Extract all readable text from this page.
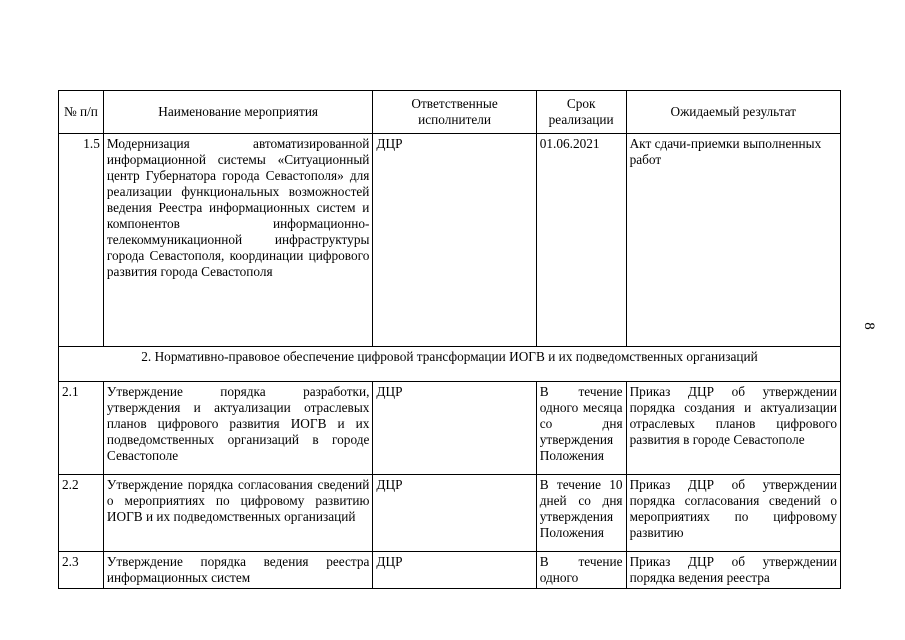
8
№ п/п	Наименование мероприятия	Ответственные исполнители	Срок реализации	Ожидаемый результат
1.5	Модернизация автоматизированной информационной системы «Ситуационный центр Губернатора города Севастополя» для реализации функциональных возможностей ведения Реестра информационных систем и компонентов информационно-телекоммуникационной инфраструктуры города Севастополя, координации цифрового развития города Севастополя	ДЦР	01.06.2021	Акт сдачи-приемки выполненных работ
2. Нормативно-правовое обеспечение цифровой трансформации ИОГВ и их подведомственных организаций				
2.1	Утверждение порядка разработки, утверждения и актуализации отраслевых планов цифрового развития ИОГВ и их подведомственных организаций в городе Севастополе	ДЦР	В течение одного месяца со дня утверждения Положения	Приказ ДЦР об утверждении порядка создания и актуализации отраслевых планов цифрового развития в городе Севастополе
2.2	Утверждение порядка согласования сведений о мероприятиях по цифровому развитию ИОГВ и их подведомственных организаций	ДЦР	В течение 10 дней со дня утверждения Положения	Приказ ДЦР об утверждении порядка согласования сведений о мероприятиях по цифровому развитию
2.3	Утверждение порядка ведения реестра информационных систем	ДЦР	В течение одного	Приказ ДЦР об утверждении порядка ведения реестра
